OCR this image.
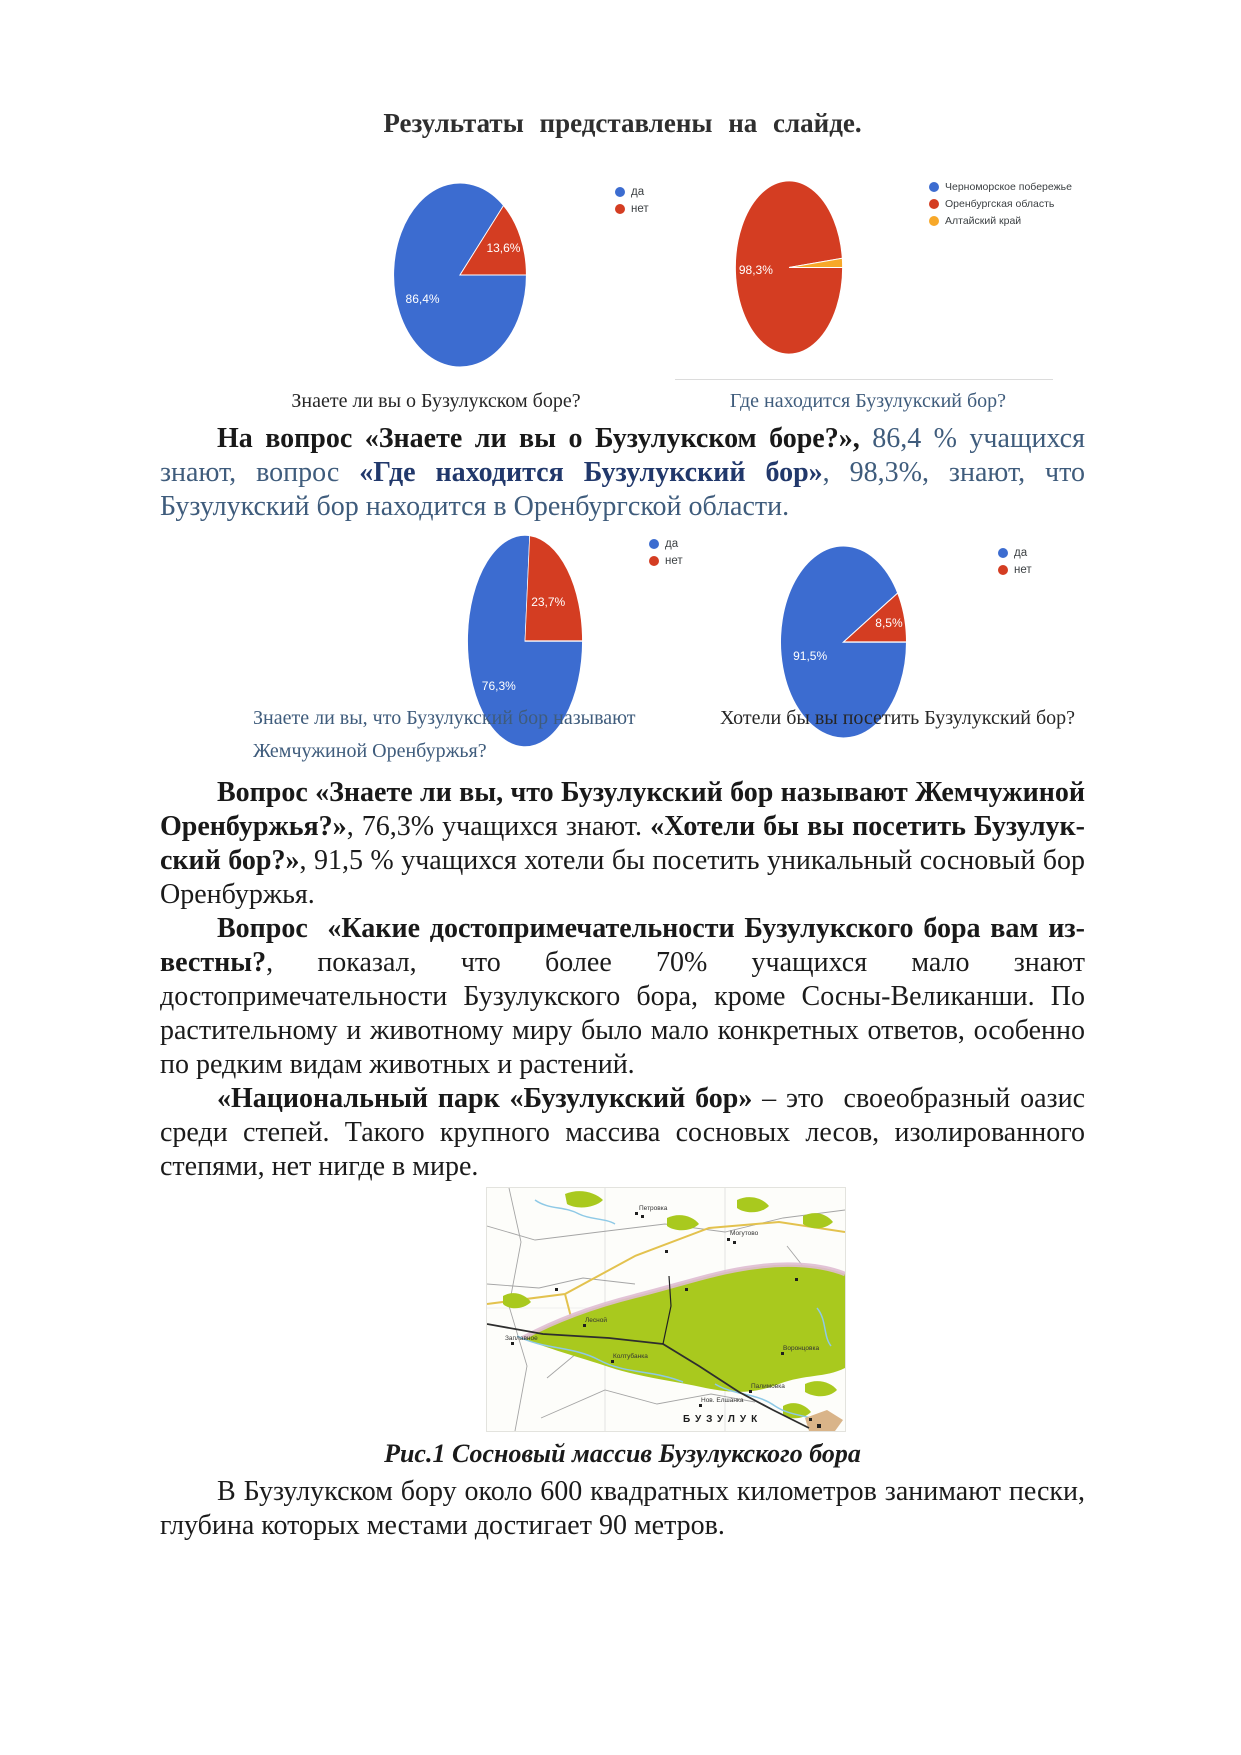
Результаты представлены на слайде.
86,4%
13,6%
да
нет
98,3%
Черноморское побережье
Оренбургская область
Алтайский край
Знаете ли вы о Бузулукском боре?	Где находится Бузулукский бор?

На вопрос «Знаете ли вы о Бузулукском боре?», 86,4 % учащихся знают, вопрос «Где находится Бузулукский бор», 98,3%, знают, что Бузулукский бор находится в Оренбургской области.

76,3%
23,7%
да
нет
91,5%
8,5%
да
нет
Знаете ли вы, что Бузулукский бор называют Жемчужиной Оренбуржья?
Хотели бы вы посетить Бузулукский бор?

Вопрос «Знаете ли вы, что Бузулукский бор называют Жемчужиной Оренбуржья?», 76,3% учащихся знают. «Хотели бы вы посетить Бузулукский бор?», 91,5 % учащихся хотели бы посетить уникальный сосновый бор Оренбуржья.

Вопрос  «Какие достопримечательности Бузулукского бора вам известны?, показал, что более 70% учащихся мало знают достопримечательности Бузулукского бора, кроме Сосны-Великанши. По растительному и животному миру было мало конкретных ответов, особенно по редким видам животных и растений.

«Национальный парк «Бузулукский бор» – это  своеобразный оазис среди степей. Такого крупного массива сосновых лесов, изолированного степями, нет нигде в мире.

Петровка
Могутово
Лесной
Колтубанка
Воронцовка
Палимовка
Нов. Елшанка
Заплавное
БУЗУЛУК
Рис.1 Сосновый массив Бузулукского бора

В Бузулукском бору около 600 квадратных километров занимают пески, глубина которых местами достигает 90 метров.
